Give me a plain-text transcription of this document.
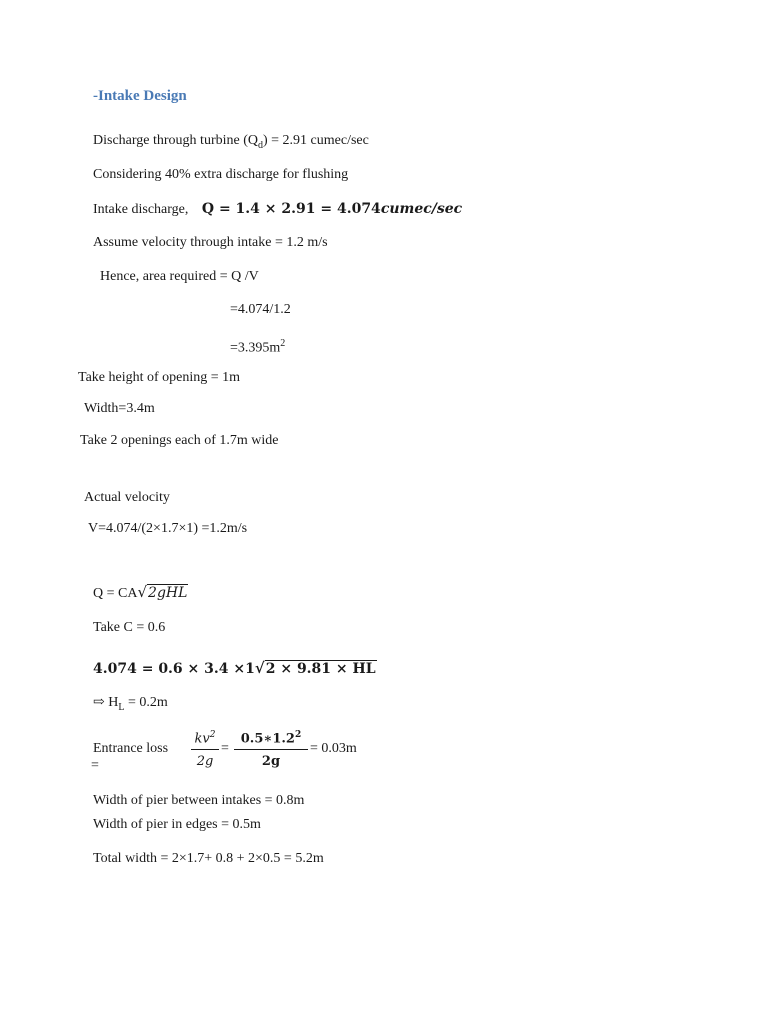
-Intake Design
Discharge through turbine $(Q_d) = 2.91$ cumec/sec
Considering 40% extra discharge for flushing
Intake discharge, Q = 1.4 × 2.91 = 4.074cumec/sec
Assume velocity through intake = 1.2 m/s
Hence, area required = Q /V
=4.074/1.2
$=3.395m^2$
Take height of opening = 1m
Width=3.4m
Take 2 openings each of 1.7m wide
Actual velocity
V=4.074/(2×1.7×1) =1.2m/s
Q = CA√2gHL
Take C = 0.6
4.074 = 0.6 × 3.4 ×1√2 × 9.81 × HL
⇨ $H_L = 0.2m$
Entrance loss
=
$kv^2$
2g
=
$0.5∗1.2^2$
2g
= 0.03m
Width of pier between intakes = 0.8m
Width of pier in edges = 0.5m
Total width = 2×1.7+ 0.8 + 2×0.5 = 5.2m
